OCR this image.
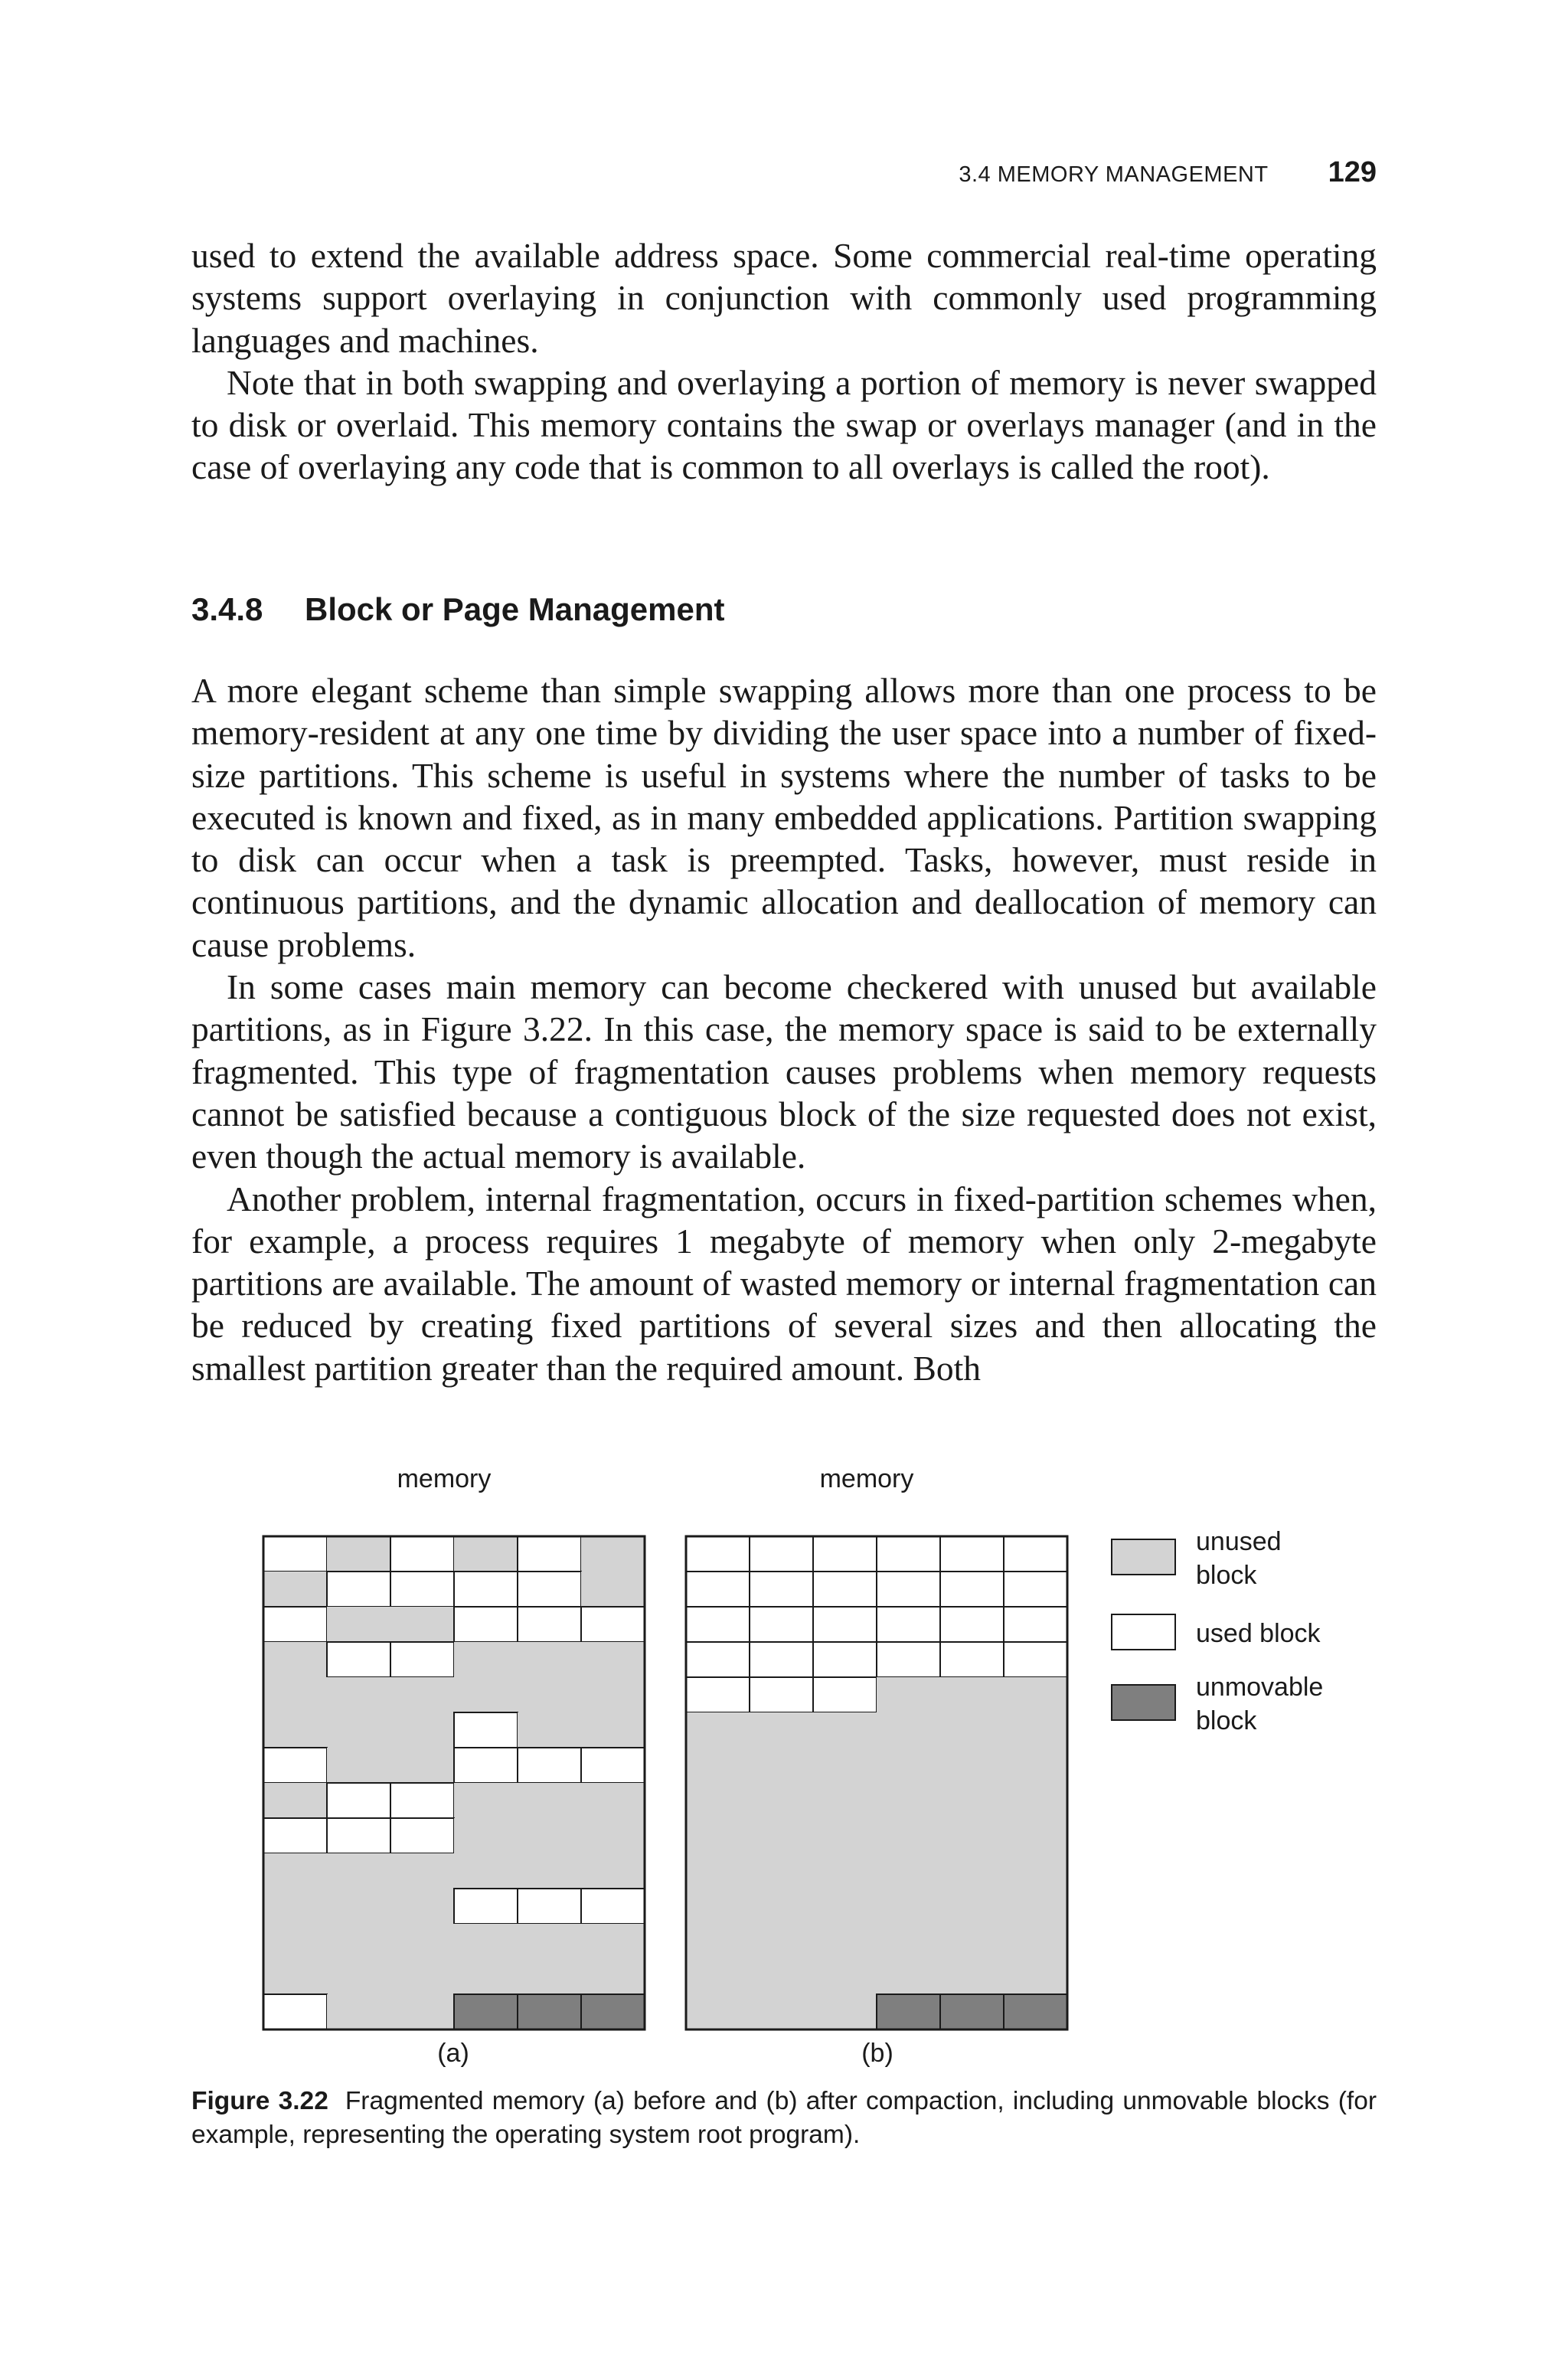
3.4 MEMORY MANAGEMENT 129

used to extend the available address space. Some commercial real-time operating systems support overlaying in conjunction with commonly used programming languages and machines.

Note that in both swapping and overlaying a portion of memory is never swapped to disk or overlaid. This memory contains the swap or overlays manager (and in the case of overlaying any code that is common to all overlays is called the root).

3.4.8 Block or Page Management

A more elegant scheme than simple swapping allows more than one process to be memory-resident at any one time by dividing the user space into a number of fixed-size partitions. This scheme is useful in systems where the number of tasks to be executed is known and fixed, as in many embedded applications. Partition swapping to disk can occur when a task is preempted. Tasks, however, must reside in continuous partitions, and the dynamic allocation and deallocation of memory can cause problems.

In some cases main memory can become checkered with unused but available partitions, as in Figure 3.22. In this case, the memory space is said to be externally fragmented. This type of fragmentation causes problems when memory requests cannot be satisfied because a contiguous block of the size requested does not exist, even though the actual memory is available.

Another problem, internal fragmentation, occurs in fixed-partition schemes when, for example, a process requires 1 megabyte of memory when only 2-megabyte partitions are available. The amount of wasted memory or internal fragmentation can be reduced by creating fixed partitions of several sizes and then allocating the smallest partition greater than the required amount. Both

memory	memory
(a)	(b)
unused
block
used block
unmovable
block
Figure 3.22 Fragmented memory (a) before and (b) after compaction, including unmovable blocks (for example, representing the operating system root program).
